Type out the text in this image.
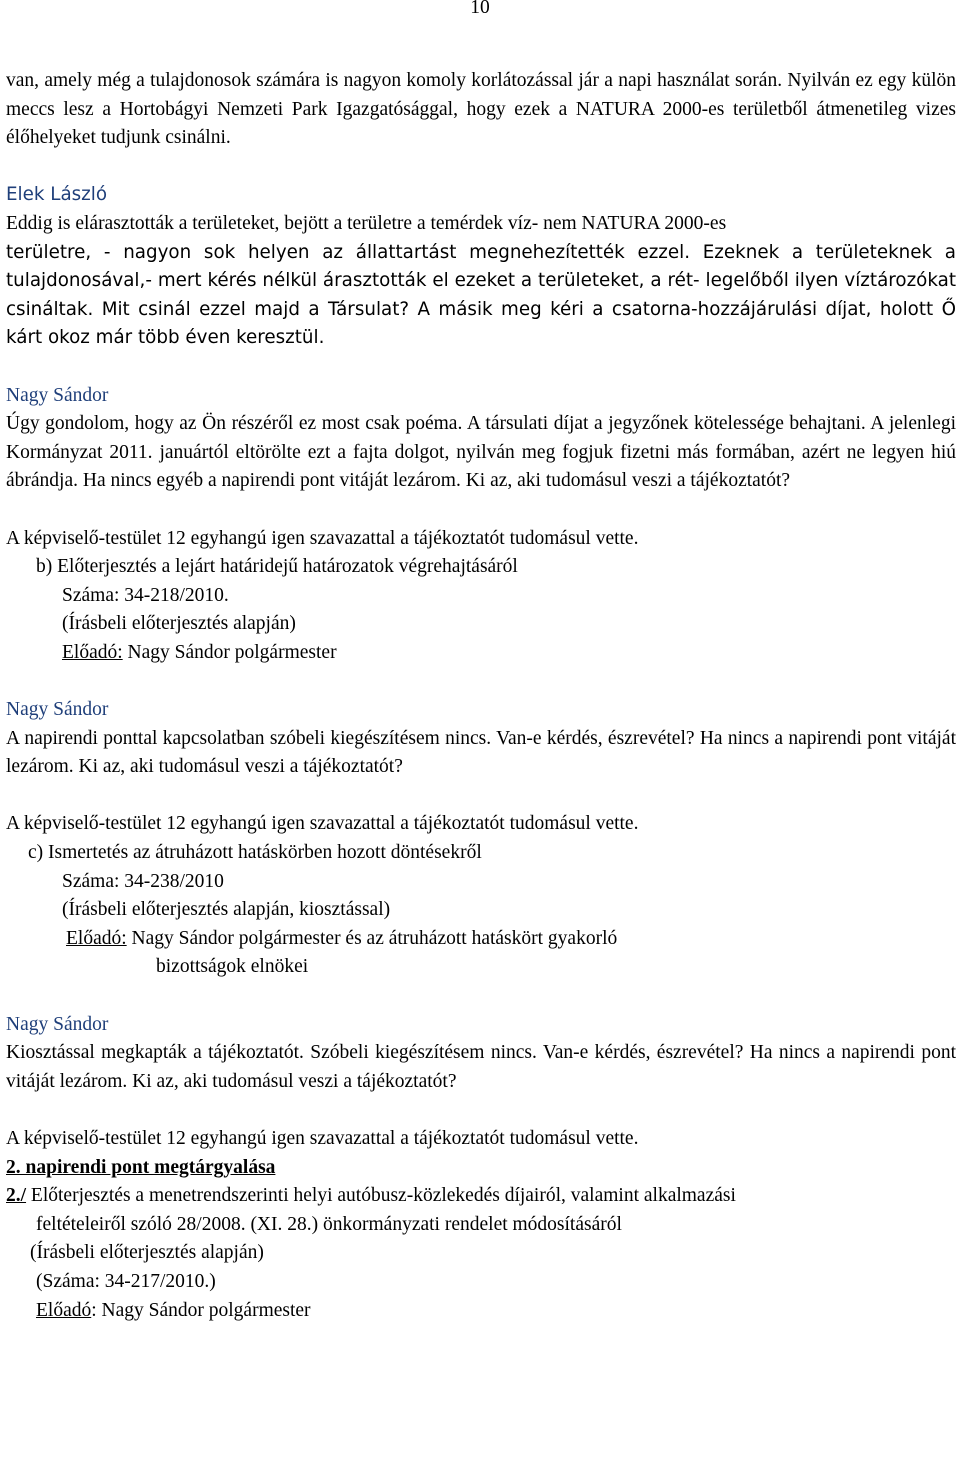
10

van, amely még a tulajdonosok számára is nagyon komoly korlátozással jár a napi használat során. Nyilván ez egy külön meccs lesz a Hortobágyi Nemzeti Park Igazgatósággal, hogy ezek a NATURA 2000-es területből átmenetileg vizes élőhelyeket tudjunk csinálni.

Elek László

Eddig is elárasztották a területeket, bejött a területre a temérdek víz- nem NATURA 2000-es

területre, - nagyon sok helyen az állattartást megnehezítették ezzel. Ezeknek a területeknek a tulajdonosával,- mert kérés nélkül árasztották el ezeket a területeket, a rét- legelőből ilyen víztározókat csináltak. Mit csinál ezzel majd a Társulat? A másik meg kéri a csatorna-hozzájárulási díjat, holott Ő kárt okoz már több éven keresztül.

Nagy Sándor

Úgy gondolom, hogy az Ön részéről ez most csak poéma. A társulati díjat a jegyzőnek kötelessége behajtani. A jelenlegi Kormányzat 2011. januártól eltörölte ezt a fajta dolgot, nyilván meg fogjuk fizetni más formában, azért ne legyen hiú ábrándja. Ha nincs egyéb a napirendi pont vitáját lezárom. Ki az, aki tudomásul veszi a tájékoztatót?

A képviselő-testület 12 egyhangú igen szavazattal a tájékoztatót tudomásul vette.

b) Előterjesztés a lejárt határidejű határozatok végrehajtásáról

Száma: 34-218/2010.

(Írásbeli előterjesztés alapján)

Előadó: Nagy Sándor polgármester

Nagy Sándor

A napirendi ponttal kapcsolatban szóbeli kiegészítésem nincs. Van-e kérdés, észrevétel? Ha nincs a napirendi pont vitáját lezárom. Ki az, aki tudomásul veszi a tájékoztatót?

A képviselő-testület 12 egyhangú igen szavazattal a tájékoztatót tudomásul vette.

c) Ismertetés az átruházott hatáskörben hozott döntésekről

Száma: 34-238/2010

(Írásbeli előterjesztés alapján, kiosztással)

Előadó: Nagy Sándor polgármester és az átruházott hatáskört gyakorló

bizottságok elnökei

Nagy Sándor

Kiosztással megkapták a tájékoztatót. Szóbeli kiegészítésem nincs. Van-e kérdés, észrevétel? Ha nincs a napirendi pont vitáját lezárom. Ki az, aki tudomásul veszi a tájékoztatót?

A képviselő-testület 12 egyhangú igen szavazattal a tájékoztatót tudomásul vette.

2. napirendi pont megtárgyalása

2./ Előterjesztés a menetrendszerinti helyi autóbusz-közlekedés díjairól, valamint alkalmazási

feltételeiről szóló 28/2008. (XI. 28.) önkormányzati rendelet módosításáról

(Írásbeli előterjesztés alapján)

(Száma: 34-217/2010.)

Előadó: Nagy Sándor polgármester
